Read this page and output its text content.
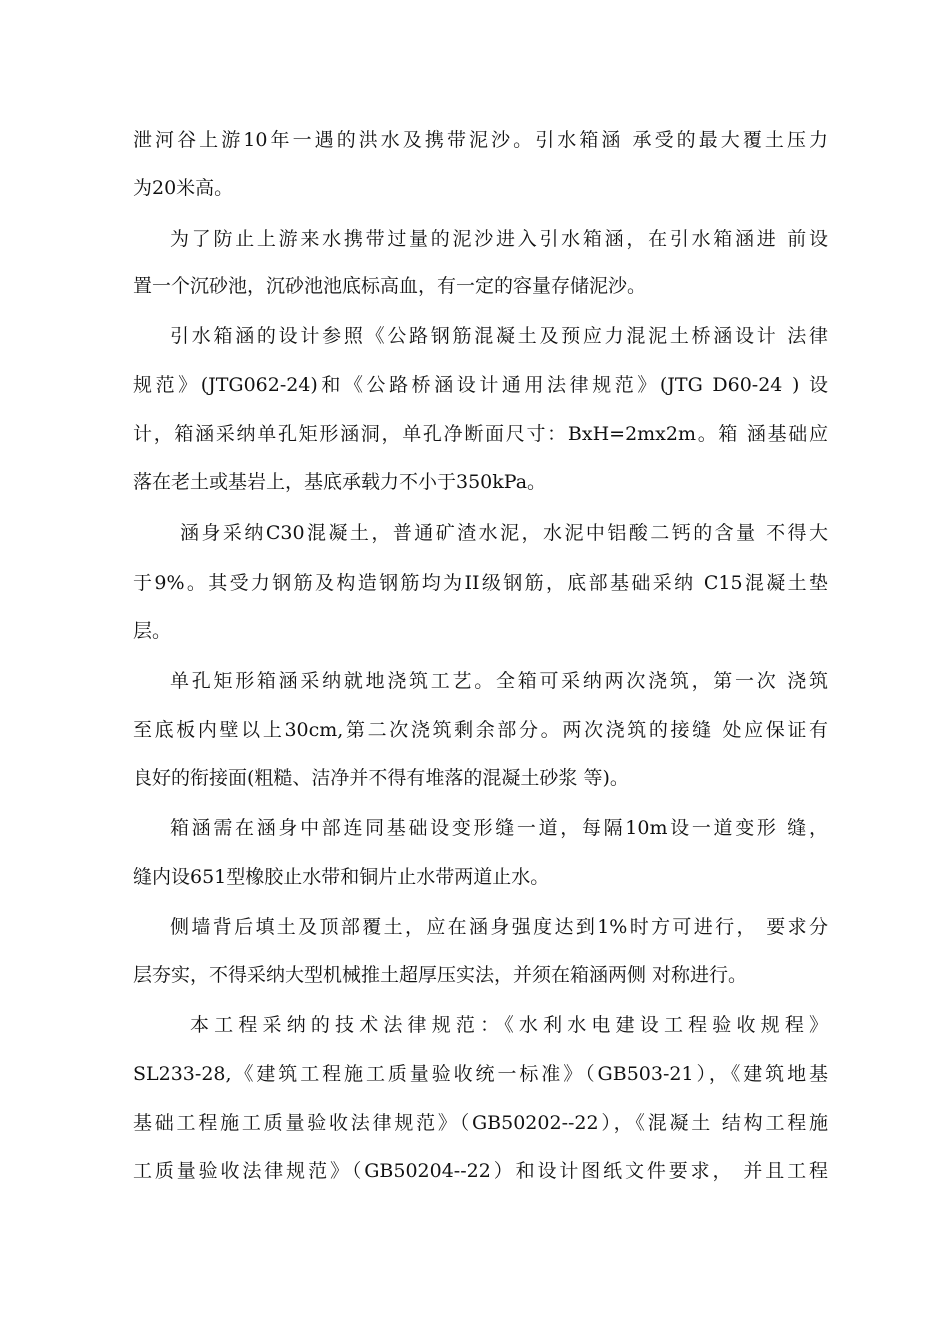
泄河谷上游10年一遇的洪水及携带泥沙。引水箱涵 承受的最大覆土压力
为20米高。
为了防止上游来水携带过量的泥沙进入引水箱涵，在引水箱涵进 前设
置一个沉砂池，沉砂池池底标高血，有一定的容量存储泥沙。
引水箱涵的设计参照《公路钢筋混凝土及预应力混泥土桥涵设计 法律
规范》(JTG062-24)和《公路桥涵设计通用法律规范》(JTG D60-24 ) 设
计，箱涵采纳单孔矩形涵洞，单孔净断面尺寸：BxH=2mx2m。箱 涵基础应
落在老土或基岩上，基底承载力不小于350kPa。
涵身采纳C30混凝土，普通矿渣水泥，水泥中铝酸二钙的含量 不得大
于9%。其受力钢筋及构造钢筋均为II级钢筋，底部基础采纳 C15混凝土垫
层。
单孔矩形箱涵采纳就地浇筑工艺。全箱可采纳两次浇筑，第一次 浇筑
至底板内壁以上30cm,第二次浇筑剩余部分。两次浇筑的接缝 处应保证有
良好的衔接面(粗糙、洁净并不得有堆落的混凝土砂浆 等)。
箱涵需在涵身中部连同基础设变形缝一道，每隔10m设一道变形 缝，
缝内设651型橡胶止水带和铜片止水带两道止水。
侧墙背后填土及顶部覆土，应在涵身强度达到1%时方可进行， 要求分
层夯实，不得采纳大型机械推土超厚压实法，并须在箱涵两侧 对称进行。
本工程采纳的技术法律规范：《水利水电建设工程验收规程》
SL233-28,《建筑工程施工质量验收统一标准》（GB503-21），《建筑地基
基础工程施工质量验收法律规范》（GB50202--22），《混凝土 结构工程施
工质量验收法律规范》（GB50204--22）和设计图纸文件要求， 并且工程
